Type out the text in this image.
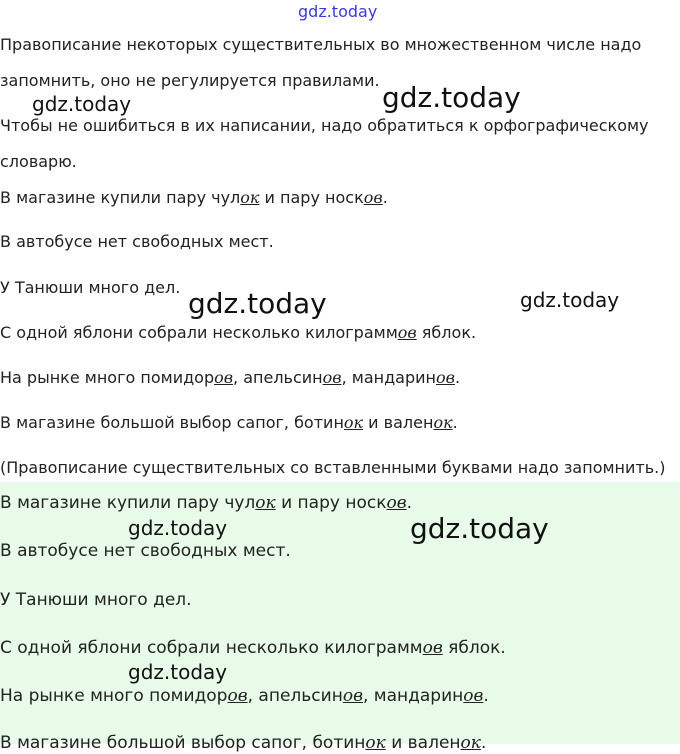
gdz.today
Правописание некоторых существительных во множественном числе надо
запомнить, оно не регулируется правилами.
Чтобы не ошибиться в их написании, надо обратиться к орфографическому
словарю.
В магазине купили пару чулок и пару носков.
В автобусе нет свободных мест.
У Танюши много дел.
С одной яблони собрали несколько килограммов яблок.
На рынке много помидоров, апельсинов, мандаринов.
В магазине большой выбор сапог, ботинок и валенок.
(Правописание существительных со вставленными буквами надо запомнить.)
В магазине купили пару чулок и пару носков.
В автобусе нет свободных мест.
У Танюши много дел.
С одной яблони собрали несколько килограммов яблок.
На рынке много помидоров, апельсинов, мандаринов.
В магазине большой выбор сапог, ботинок и валенок.
gdz.today	gdz.today
gdz.today	gdz.today
gdz.today	gdz.today
gdz.today
